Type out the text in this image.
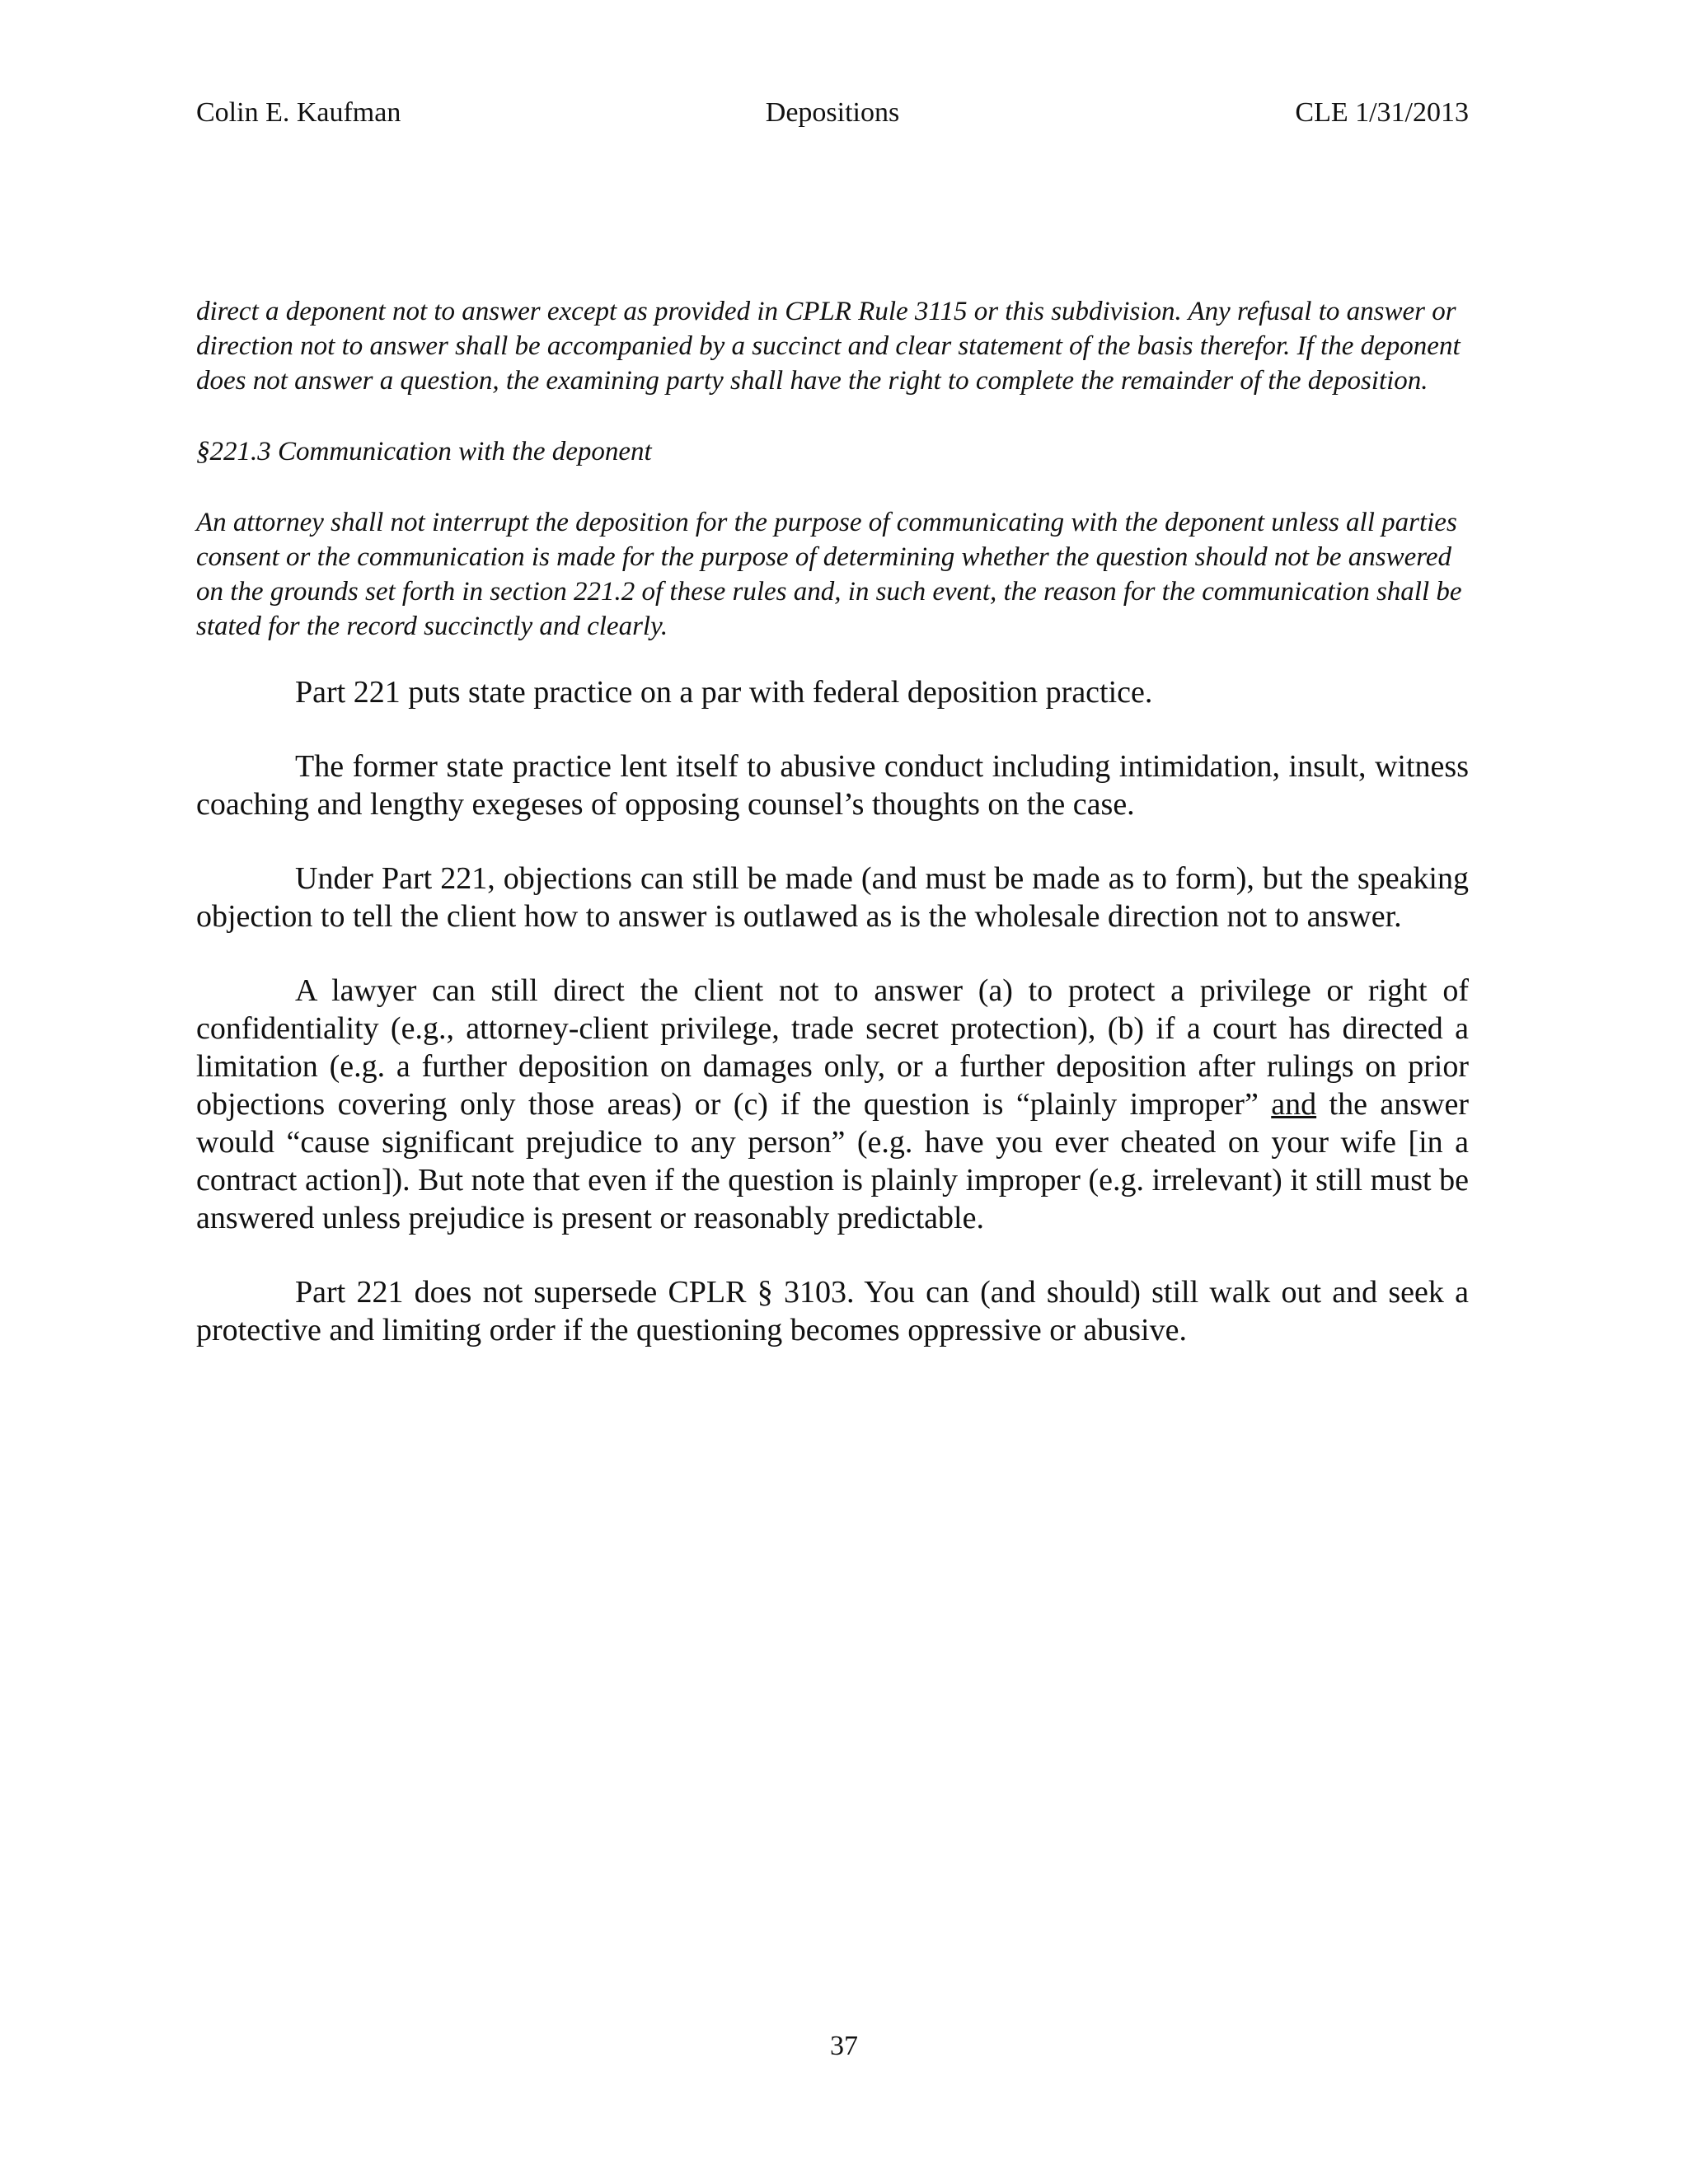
Colin E. Kaufman	Depositions	CLE 1/31/2013

direct a deponent not to answer except as provided in CPLR Rule 3115 or this subdivision. Any refusal to answer or direction not to answer shall be accompanied by a succinct and clear statement of the basis therefor. If the deponent does not answer a question, the examining party shall have the right to complete the remainder of the deposition.

§221.3 Communication with the deponent

An attorney shall not interrupt the deposition for the purpose of communicating with the deponent unless all parties consent or the communication is made for the purpose of determining whether the question should not be answered on the grounds set forth in section 221.2 of these rules and, in such event, the reason for the communication shall be stated for the record succinctly and clearly.

Part 221 puts state practice on a par with federal deposition practice.

The former state practice lent itself to abusive conduct including intimidation, insult, witness coaching and lengthy exegeses of opposing counsel’s thoughts on the case.

Under Part 221, objections can still be made (and must be made as to form), but the speaking objection to tell the client how to answer is outlawed as is the wholesale direction not to answer.

A lawyer can still direct the client not to answer (a) to protect a privilege or right of confidentiality (e.g., attorney-client privilege, trade secret protection), (b) if a court has directed a limitation (e.g. a further deposition on damages only, or a further deposition after rulings on prior objections covering only those areas) or (c) if the question is “plainly improper” and the answer would “cause significant prejudice to any person” (e.g. have you ever cheated on your wife [in a contract action]). But note that even if the question is plainly improper (e.g. irrelevant) it still must be answered unless prejudice is present or reasonably predictable.

Part 221 does not supersede CPLR § 3103. You can (and should) still walk out and seek a protective and limiting order if the questioning becomes oppressive or abusive.

37
